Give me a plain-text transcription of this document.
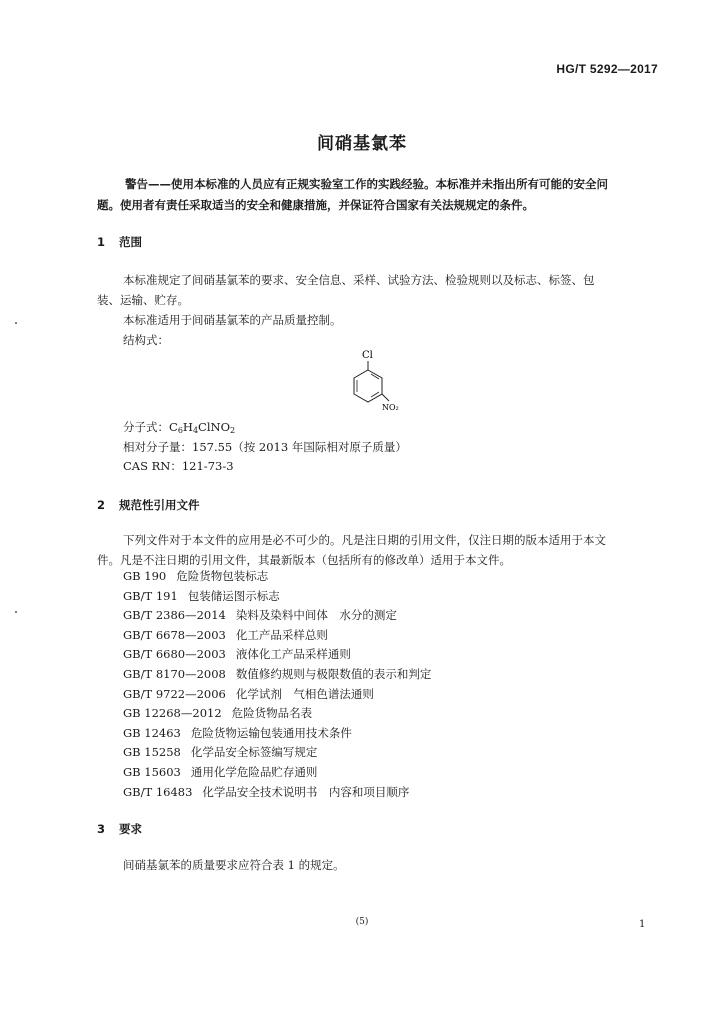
HG/T 5292—2017
间硝基氯苯

警告——使用本标准的人员应有正规实验室工作的实践经验。本标准并未指出所有可能的安全问

题。使用者有责任采取适当的安全和健康措施，并保证符合国家有关法规规定的条件。

1 范围

本标准规定了间硝基氯苯的要求、安全信息、采样、试验方法、检验规则以及标志、标签、包

装、运输、贮存。

本标准适用于间硝基氯苯的产品质量控制。

结构式：

Cl
NO₂
分子式：C6H4ClNO2
相对分子量：157.55（按 2013 年国际相对原子质量）
CAS RN：121-73-3
2 规范性引用文件

下列文件对于本文件的应用是必不可少的。凡是注日期的引用文件，仅注日期的版本适用于本文

件。凡是不注日期的引用文件，其最新版本（包括所有的修改单）适用于本文件。

GB 190 危险货物包装标志
GB/T 191 包装储运图示标志
GB/T 2386—2014 染料及染料中间体　水分的测定
GB/T 6678—2003 化工产品采样总则
GB/T 6680—2003 液体化工产品采样通则
GB/T 8170—2008 数值修约规则与极限数值的表示和判定
GB/T 9722—2006 化学试剂　气相色谱法通则
GB 12268—2012 危险货物品名表
GB 12463 危险货物运输包装通用技术条件
GB 15258 化学品安全标签编写规定
GB 15603 通用化学危险品贮存通则
GB/T 16483 化学品安全技术说明书　内容和项目顺序
3 要求
间硝基氯苯的质量要求应符合表 1 的规定。
(5)	1
